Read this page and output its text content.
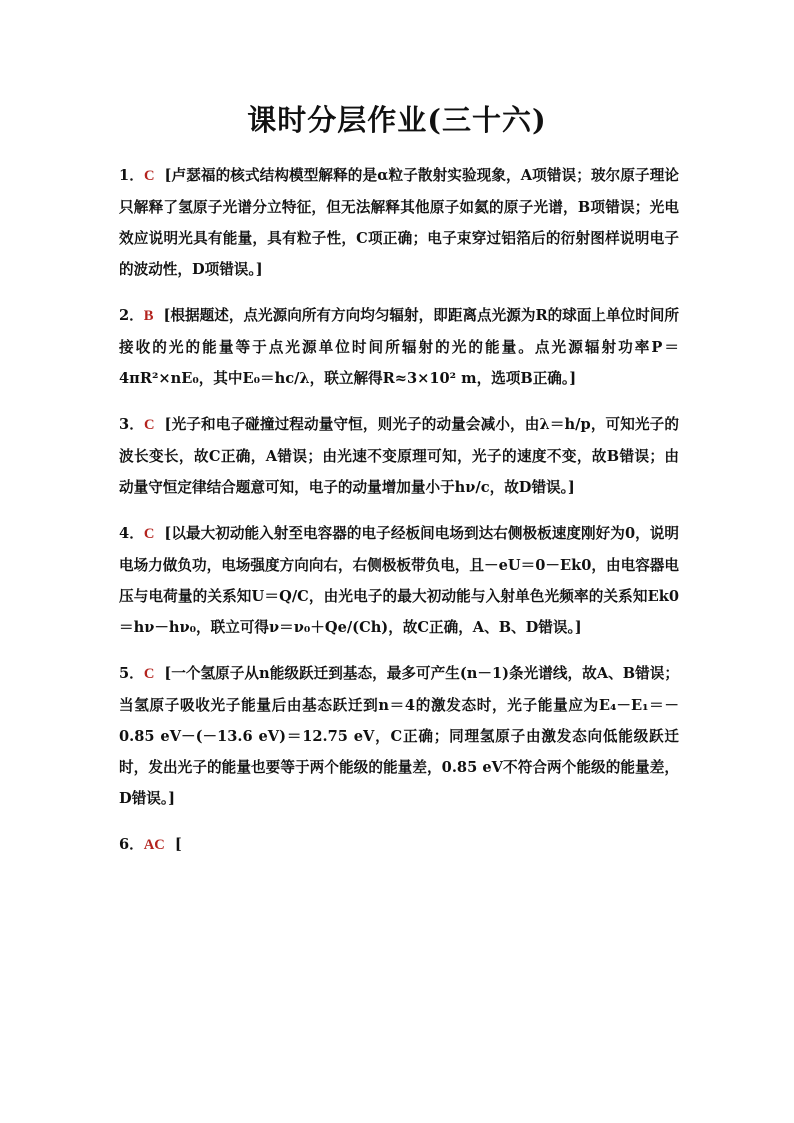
课时分层作业(三十六)

1．C [卢瑟福的核式结构模型解释的是α粒子散射实验现象，A项错误；玻尔原子理论只解释了氢原子光谱分立特征，但无法解释其他原子如氦的原子光谱，B项错误；光电效应说明光具有能量，具有粒子性，C项正确；电子束穿过铝箔后的衍射图样说明电子的波动性，D项错误。]

2．B [根据题述，点光源向所有方向均匀辐射，即距离点光源为R的球面上单位时间所接收的光的能量等于点光源单位时间所辐射的光的能量。点光源辐射功率P＝4πR²×nE₀，其中E₀＝hc/λ，联立解得R≈3×10² m，选项B正确。]

3．C [光子和电子碰撞过程动量守恒，则光子的动量会减小，由λ＝h/p，可知光子的波长变长，故C正确，A错误；由光速不变原理可知，光子的速度不变，故B错误；由动量守恒定律结合题意可知，电子的动量增加量小于hν/c，故D错误。]

4．C [以最大初动能入射至电容器的电子经板间电场到达右侧极板速度刚好为0，说明电场力做负功，电场强度方向向右，右侧极板带负电，且－eU＝0－Ek0，由电容器电压与电荷量的关系知U＝Q/C，由光电子的最大初动能与入射单色光频率的关系知Ek0＝hν－hν₀，联立可得ν＝ν₀＋Qe/(Ch)，故C正确，A、B、D错误。]

5．C [一个氢原子从n能级跃迁到基态，最多可产生(n－1)条光谱线，故A、B错误；当氢原子吸收光子能量后由基态跃迁到n＝4的激发态时，光子能量应为E₄－E₁＝－0.85 eV－(－13.6 eV)＝12.75 eV，C正确；同理氢原子由激发态向低能级跃迁时，发出光子的能量也要等于两个能级的能量差，0.85 eV不符合两个能级的能量差，D错误。]

6．AC [
